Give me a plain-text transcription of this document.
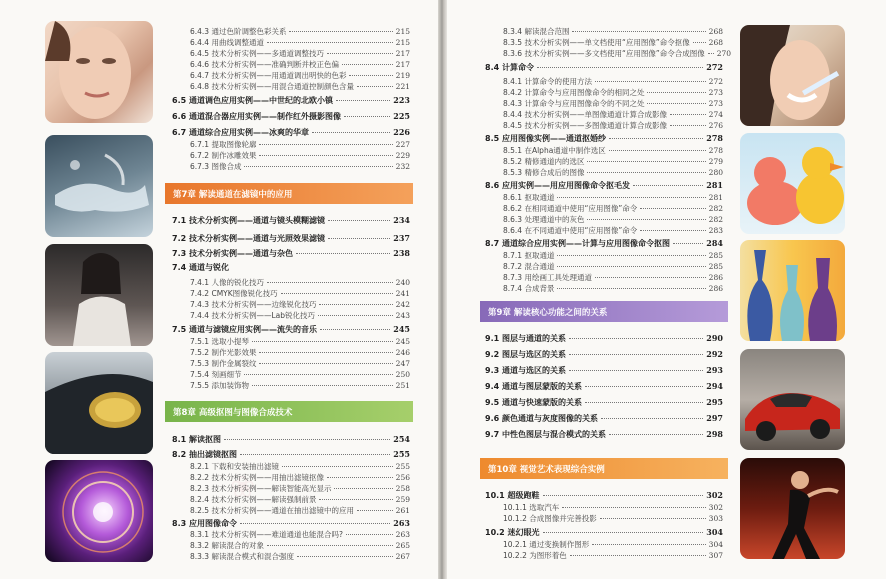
❀
6.4.3 通过色阶调整色彩关系	215
6.4.4 用曲线调整通道	215
6.4.5 技术分析实例——多通道调整技巧	217
6.4.6 技术分析实例——准确判断并校正色偏	217
6.4.7 技术分析实例——用通道调出明快的色彩	219
6.4.8 技术分析实例——用混合通道控制颜色含量	221
6.5 通道调色应用实例——中世纪的北欧小镇	223
6.6 通道混合器应用实例——制作红外摄影图像	225
6.7 通道综合应用实例——冰爽的华章	226
6.7.1 提取图像轮廓	227
6.7.2 制作冰雕效果	229
6.7.3 图像合成	232
第7章 解读通道在滤镜中的应用
7.1 技术分析实例——通道与镜头模糊滤镜	234
7.2 技术分析实例——通道与光照效果滤镜	237
7.3 技术分析实例——通道与杂色	238
7.4 通道与锐化
7.4.1 人像的锐化技巧	240
7.4.2 CMYK图像锐化技巧	241
7.4.3 技术分析实例——边缘锐化技巧	242
7.4.4 技术分析实例——Lab锐化技巧	243
7.5 通道与滤镜应用实例——流失的音乐	245
7.5.1 选取小提琴	245
7.5.2 制作光影效果	246
7.5.3 制作金属裂纹	247
7.5.4 刻画细节	250
7.5.5 添加装饰物	251
第8章 高级抠图与图像合成技术
8.1 解读抠图	254
8.2 抽出滤镜抠图	255
8.2.1 下载和安装抽出滤镜	255
8.2.2 技术分析实例——用抽出滤镜抠像	256
8.2.3 技术分析实例——解读智能高光显示	258
8.2.4 技术分析实例——解读强制前景	259
8.2.5 技术分析实例——通道在抽出滤镜中的应用	261
8.3 应用图像命令	263
8.3.1 技术分析实例——难道通道也能混合吗?	263
8.3.2 解读混合的对象	265
8.3.3 解读混合模式和混合强度	267
8.3.4 解读混合范围	268
8.3.5 技术分析实例——单文档使用“应用图像”命令抠像	268
8.3.6 技术分析实例——多文档使用“应用图像”命令合成图像 270
8.4 计算命令	272
8.4.1 计算命令的使用方法	272
8.4.2 计算命令与应用图像命令的相同之处	273
8.4.3 计算命令与应用图像命令的不同之处	273
8.4.4 技术分析实例——单图像通道计算合成影像	274
8.4.5 技术分析实例——多图像通道计算合成影像	276
8.5 应用图像实例——通道抠婚纱	278
8.5.1 在Alpha通道中制作选区	278
8.5.2 精修通道内的选区	279
8.5.3 精修合成后的图像	280
8.6 应用实例——用应用图像命令抠毛发	281
8.6.1 抠取通道	281
8.6.2 在相同通道中使用“应用图像”命令	282
8.6.3 处理通道中的灰色	282
8.6.4 在不同通道中使用“应用图像”命令	283
8.7 通道综合应用实例——计算与应用图像命令抠图	284
8.7.1 抠取通道	285
8.7.2 混合通道	285
8.7.3 用绘画工具处理通道	286
8.7.4 合成背景	286
第9章 解读核心功能之间的关系
9.1 图层与通道的关系	290
9.2 图层与选区的关系	292
9.3 通道与选区的关系	293
9.4 通道与图层蒙版的关系	294
9.5 通道与快速蒙版的关系	295
9.6 颜色通道与灰度图像的关系	297
9.7 中性色图层与混合模式的关系	298
第10章 视觉艺术表现综合实例
10.1 超级跑鞋	302
10.1.1 选取汽车	302
10.1.2 合成图像并完善投影	303
10.2 迷幻眼光	304
10.2.1 通过变换制作图形	304
10.2.2 为图形着色	307
